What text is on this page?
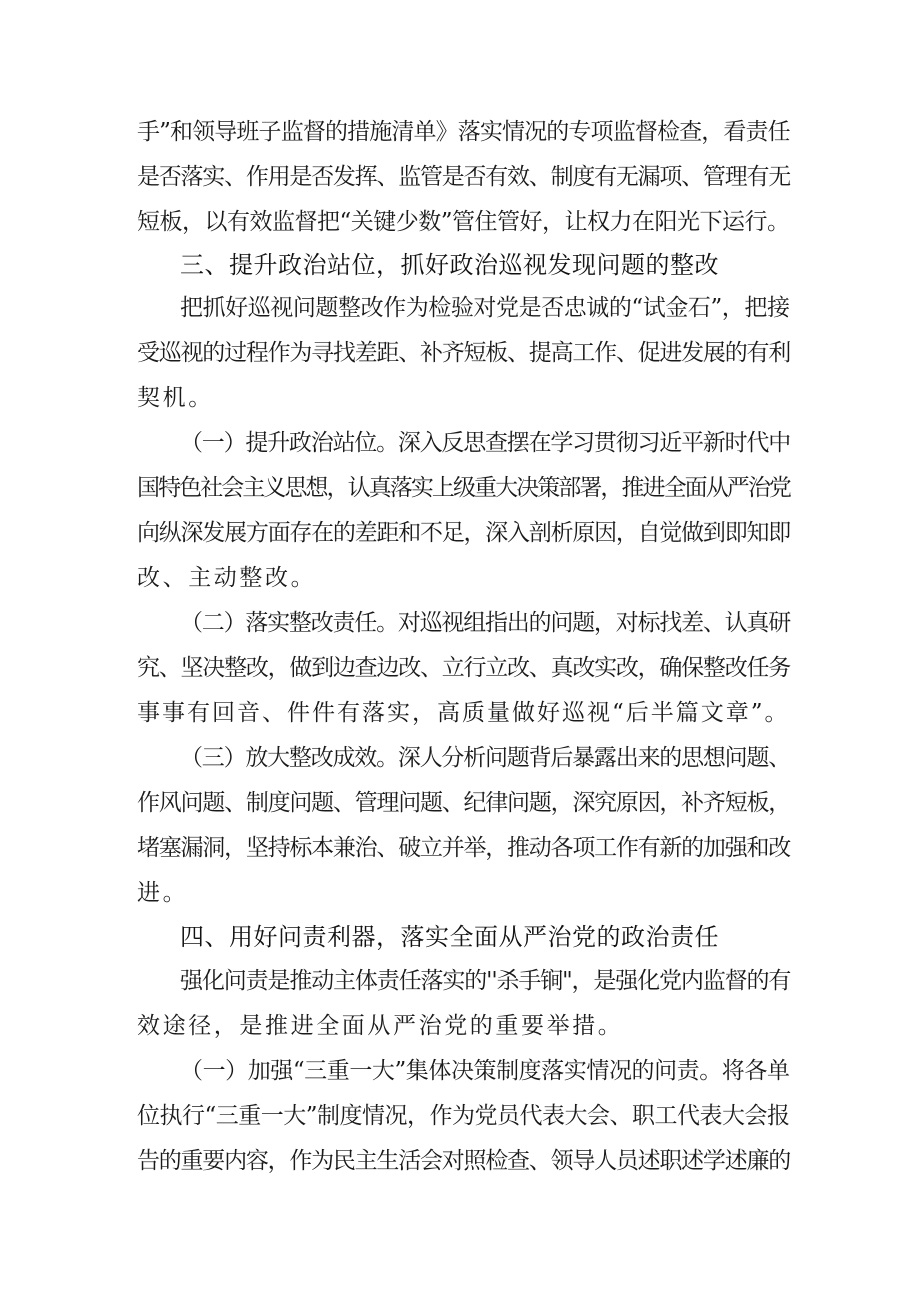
手”和领导班子监督的措施清单》落实情况的专项监督检查，看责任
是否落实、作用是否发挥、监管是否有效、制度有无漏项、管理有无
短板，以有效监督把“关键少数”管住管好，让权力在阳光下运行。
三、提升政治站位，抓好政治巡视发现问题的整改
把抓好巡视问题整改作为检验对党是否忠诚的“试金石”，把接
受巡视的过程作为寻找差距、补齐短板、提高工作、促进发展的有利
契机。
（一）提升政治站位。深入反思查摆在学习贯彻习近平新时代中
国特色社会主义思想，认真落实上级重大决策部署，推进全面从严治党
向纵深发展方面存在的差距和不足，深入剖析原因，自觉做到即知即
改、主动整改。
（二）落实整改责任。对巡视组指出的问题，对标找差、认真研
究、坚决整改，做到边查边改、立行立改、真改实改，确保整改任务
事事有回音、件件有落实，高质量做好巡视“后半篇文章”。
（三）放大整改成效。深人分析问题背后暴露出来的思想问题、
作风问题、制度问题、管理问题、纪律问题，深究原因，补齐短板，
堵塞漏洞，坚持标本兼治、破立并举，推动各项工作有新的加强和改
进。
四、用好问责利器，落实全面从严治党的政治责任
强化问责是推动主体责任落实的''杀手锏"，是强化党内监督的有
效途径，是推进全面从严治党的重要举措。
（一）加强“三重一大”集体决策制度落实情况的问责。将各单
位执行“三重一大”制度情况，作为党员代表大会、职工代表大会报
告的重要内容，作为民主生活会对照检查、领导人员述职述学述廉的
